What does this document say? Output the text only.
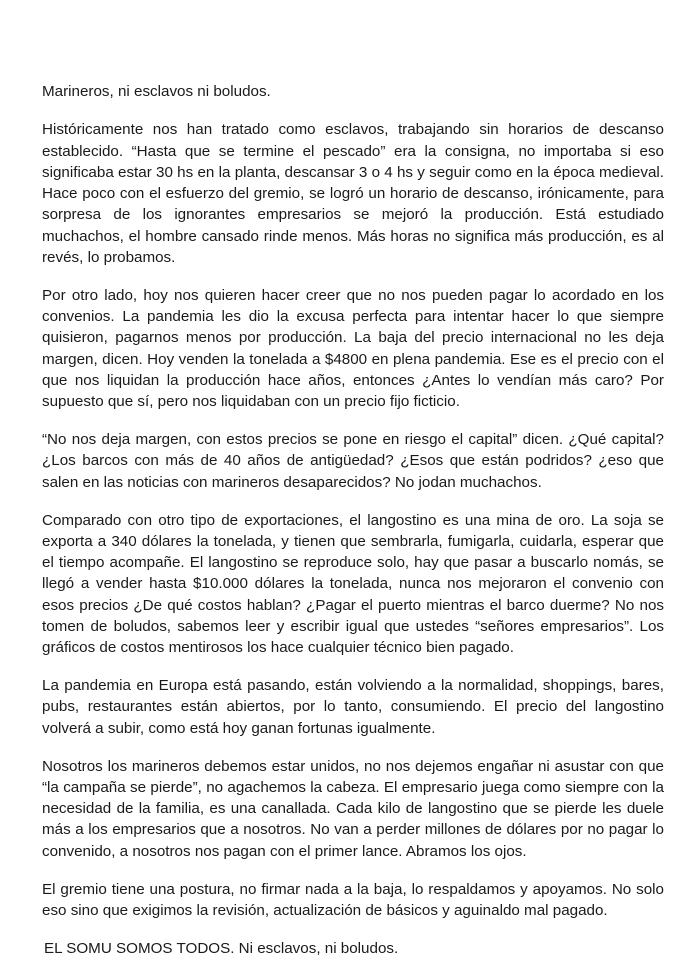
Marineros, ni esclavos ni boludos.

Históricamente nos han tratado como esclavos, trabajando sin horarios de descanso establecido. “Hasta que se termine el pescado” era la consigna, no importaba si eso significaba estar 30 hs en la planta, descansar 3 o 4 hs y seguir como en la época medieval. Hace poco con el esfuerzo del gremio, se logró un horario de descanso, irónicamente, para sorpresa de los ignorantes empresarios se mejoró la producción. Está estudiado muchachos, el hombre cansado rinde menos. Más horas no significa más producción, es al revés, lo probamos.

Por otro lado, hoy nos quieren hacer creer que no nos pueden pagar lo acordado en los convenios. La pandemia les dio la excusa perfecta para intentar hacer lo que siempre quisieron, pagarnos menos por producción. La baja del precio internacional no les deja margen, dicen. Hoy venden la tonelada a $4800 en plena pandemia. Ese es el precio con el que nos liquidan la producción hace años, entonces ¿Antes lo vendían más caro? Por supuesto que sí, pero nos liquidaban con un precio fijo ficticio.

“No nos deja margen, con estos precios se pone en riesgo el capital” dicen. ¿Qué capital? ¿Los barcos con más de 40 años de antigüedad? ¿Esos que están podridos? ¿eso que salen en las noticias con marineros desaparecidos? No jodan muchachos.

Comparado con otro tipo de exportaciones, el langostino es una mina de oro. La soja se exporta a 340 dólares la tonelada, y tienen que sembrarla, fumigarla, cuidarla, esperar que el tiempo acompañe. El langostino se reproduce solo, hay que pasar a buscarlo nomás, se llegó a vender hasta $10.000 dólares la tonelada, nunca nos mejoraron el convenio con esos precios ¿De qué costos hablan? ¿Pagar el puerto mientras el barco duerme? No nos tomen de boludos, sabemos leer y escribir igual que ustedes “señores empresarios”. Los gráficos de costos mentirosos los hace cualquier técnico bien pagado.

La pandemia en Europa está pasando, están volviendo a la normalidad, shoppings, bares, pubs, restaurantes están abiertos, por lo tanto, consumiendo. El precio del langostino volverá a subir, como está hoy ganan fortunas igualmente.

Nosotros los marineros debemos estar unidos, no nos dejemos engañar ni asustar con que “la campaña se pierde”, no agachemos la cabeza. El empresario juega como siempre con la necesidad de la familia, es una canallada. Cada kilo de langostino que se pierde les duele más a los empresarios que a nosotros. No van a perder millones de dólares por no pagar lo convenido, a nosotros nos pagan con el primer lance. Abramos los ojos.

El gremio tiene una postura, no firmar nada a la baja, lo respaldamos y apoyamos. No solo eso sino que exigimos la revisión, actualización de básicos y aguinaldo mal pagado.

EL SOMU SOMOS TODOS. Ni esclavos, ni boludos.
